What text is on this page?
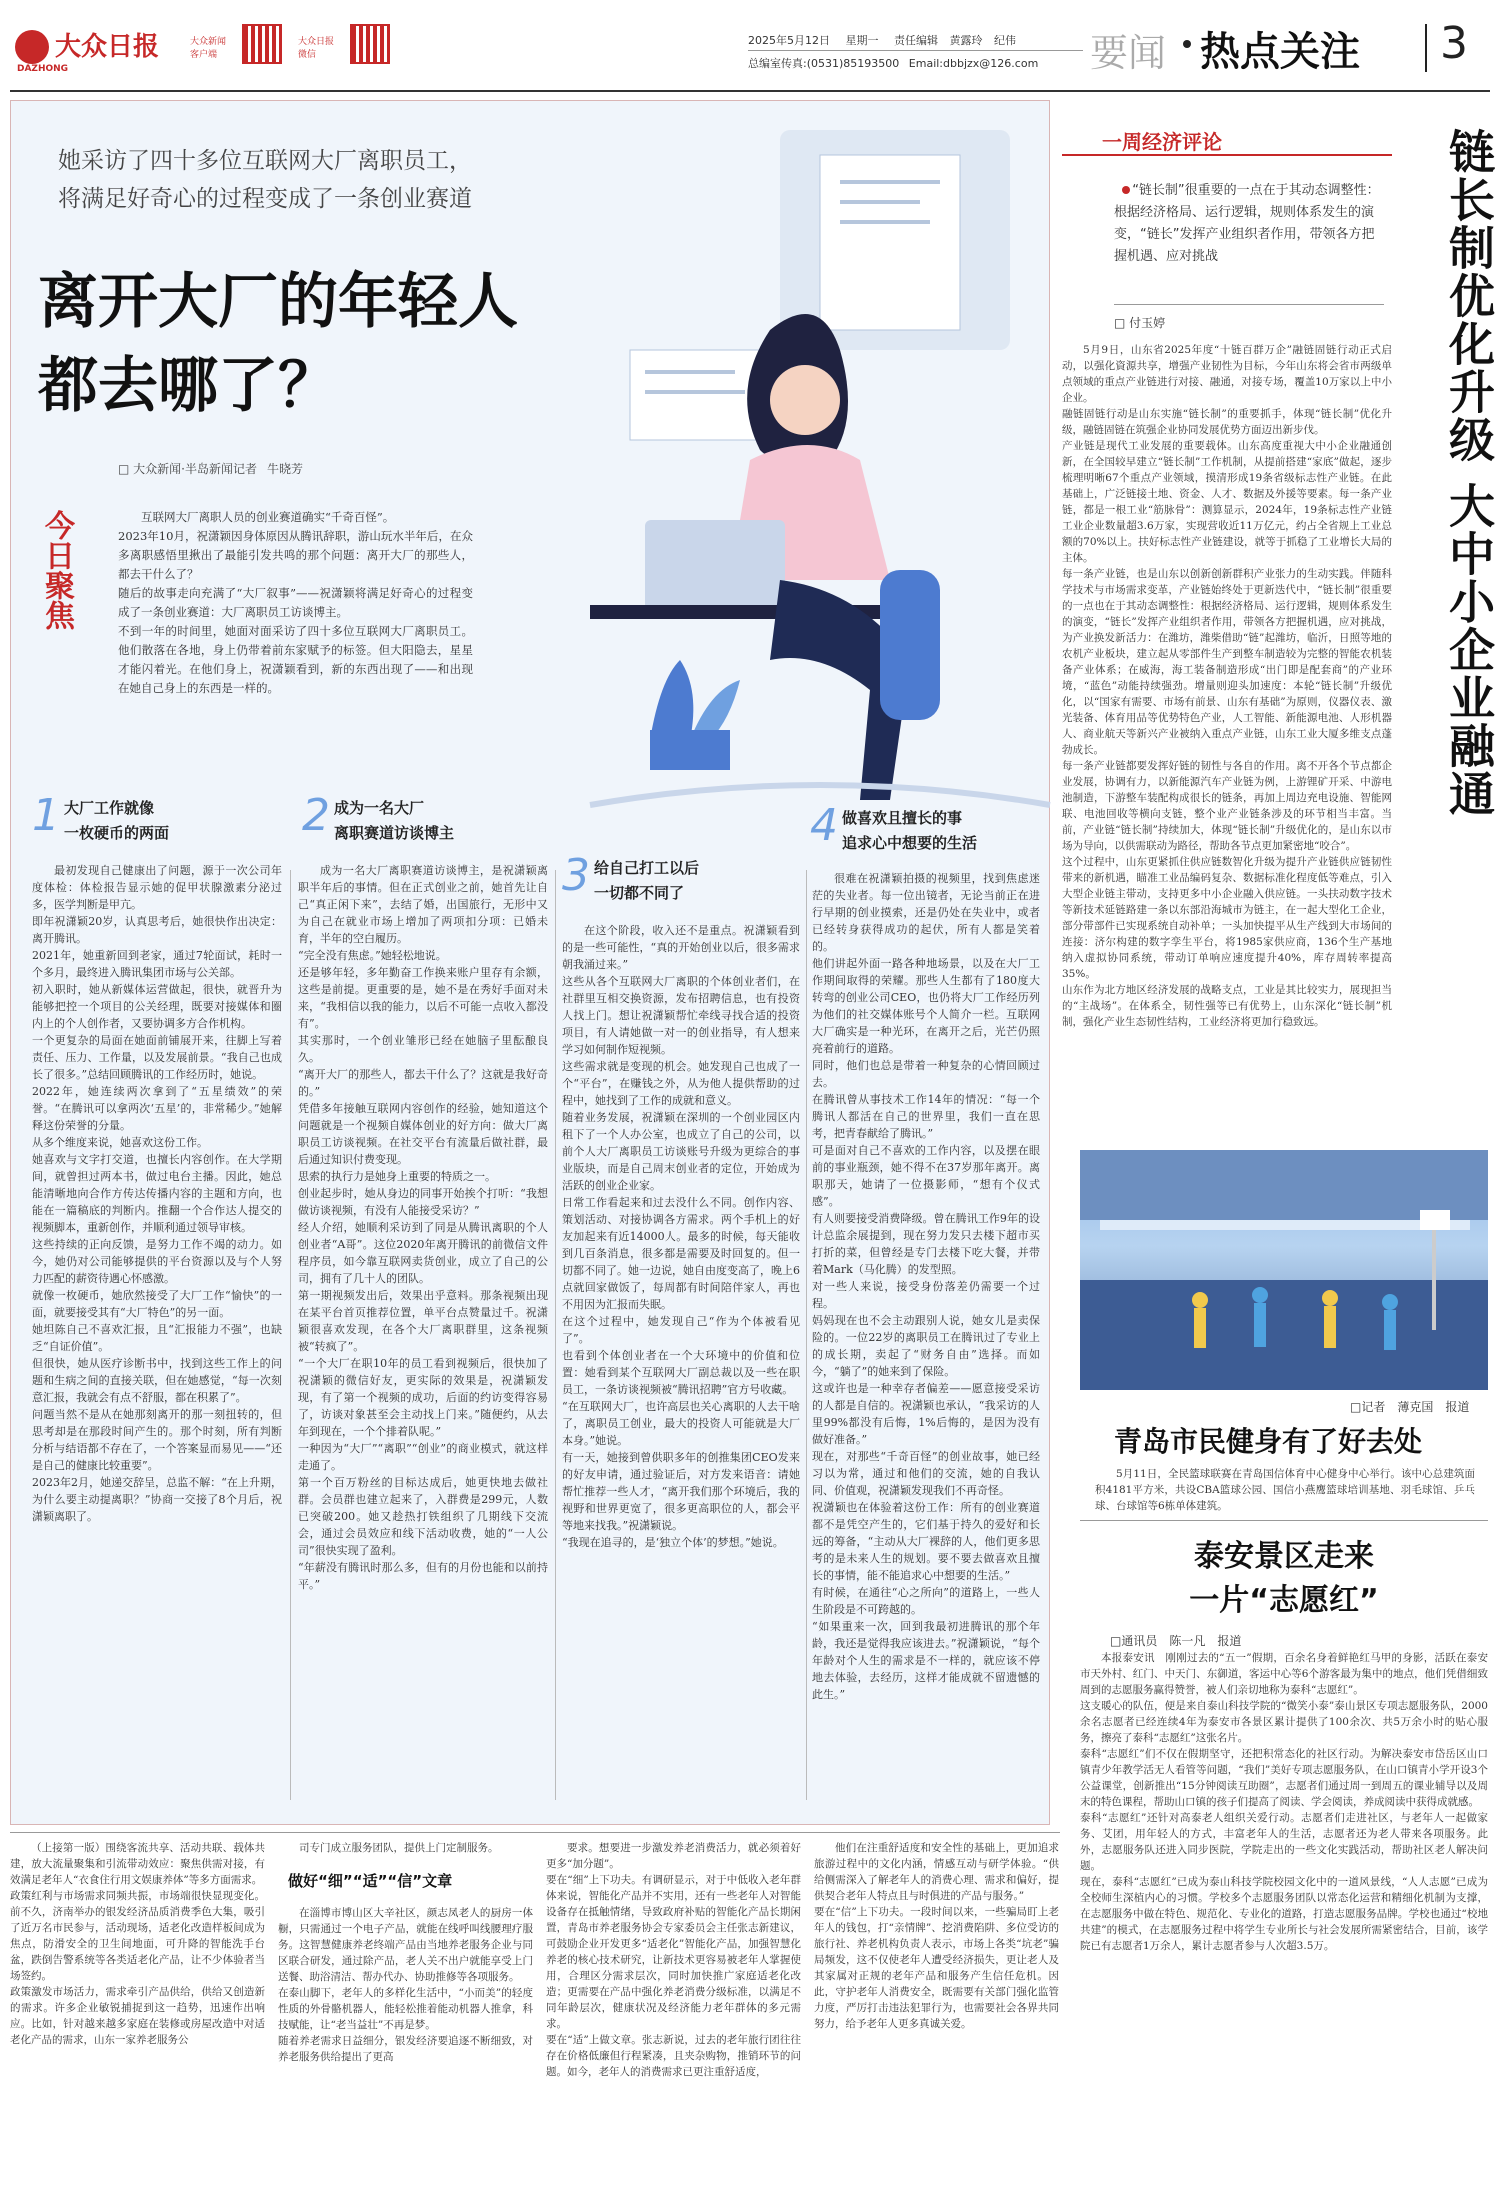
大众日报
DAZHONG
大众新闻
客户端
大众日报
微信
2025年5月12日 星期一 责任编辑 黄露玲 纪伟
总编室传真:(0531)85193500 Email:dbbjzx@126.com 要闻 热点关注 3
她采访了四十多位互联网大厂离职员工，
将满足好奇心的过程变成了一条创业赛道
离开大厂的年轻人
都去哪了？
□ 大众新闻·半岛新闻记者 牛晓芳
今日聚焦	互联网大厂离职人员的创业赛道确实“千奇百怪”。
2023年10月，祝潇颖因身体原因从腾讯辞职，游山玩水半年后，在众多离职感悟里揪出了最能引发共鸣的那个问题：离开大厂的那些人，都去干什么了？
随后的故事走向充满了“大厂叙事”——祝潇颖将满足好奇心的过程变成了一条创业赛道：大厂离职员工访谈博主。
不到一年的时间里，她面对面采访了四十多位互联网大厂离职员工。他们散落在各地，身上仍带着前东家赋予的标签。但大阳隐去，星星才能闪着光。在他们身上，祝潇颖看到，新的东西出现了——和出现在她自己身上的东西是一样的。
1 大厂工作就像
一枚硬币的两面	2 成为一名大厂
离职赛道访谈博主
3 给自己打工以后
一切都不同了
4 做喜欢且擅长的事
追求心中想要的生活
最初发现自己健康出了问题，源于一次公司年度体检：体检报告显示她的促甲状腺激素分泌过多，医学判断是甲亢。
即年祝潇颖20岁，认真思考后，她很快作出决定：离开腾讯。
2021年，她重新回到老家，通过7轮面试，耗时一个多月，最终进入腾讯集团市场与公关部。
初入职时，她从新媒体运营做起，很快，就晋升为能够把控一个项目的公关经理，既要对接媒体和圈内上的个人创作者，又要协调多方合作机构。
一个更复杂的局面在她面前铺展开来，往脚上写着责任、压力、工作量，以及发展前景。“我自己也成长了很多。”总结回顾腾讯的工作经历时，她说。
2022年，她连续两次拿到了“五星绩效”的荣誉。“在腾讯可以拿两次‘五星’的，非常稀少。”她解释这份荣誉的分量。
从多个维度来说，她喜欢这份工作。
她喜欢与文字打交道，也擅长内容创作。在大学期间，就曾担过两本书，做过电台主播。因此，她总能清晰地向合作方传达传播内容的主题和方向，也能在一篇稿底的判断内。推翻一个合作达人提交的视频脚本，重新创作，并顺利通过领导审核。
这些持续的正向反馈，是努力工作不竭的动力。如今，她仍对公司能够提供的平台资源以及与个人努力匹配的薪资待遇心怀感激。
就像一枚硬币，她欣然接受了大厂工作“愉快”的一面，就要接受其有“大厂特色”的另一面。
她坦陈自己不喜欢汇报，且“汇报能力不强”，也缺乏“自证价值”。
但很快，她从医疗诊断书中，找到这些工作上的问题和生病之间的直接关联，但在她感觉，“每一次刻意汇报，我就会有点不舒服，都在积累了”。
问题当然不是从在她那刻离开的那一刻扭转的，但思考却是在那段时间产生的。那个时刻，所有判断分析与结语都不存在了，一个答案显而易见——“还是自己的健康比较重要”。
2023年2月，她递交辞呈，总监不解：“在上升期，为什么要主动提离职？”协商一交接了8个月后，祝潇颖离职了。
成为一名大厂离职赛道访谈博主，是祝潇颖离职半年后的事情。但在正式创业之前，她首先让自己“真正闲下来”，去结了婚，出国旅行，无形中又为自己在就业市场上增加了两项扣分项：已婚未育，半年的空白履历。
“完全没有焦虑。”她轻松地说。
还是够年轻，多年勤奋工作换来账户里存有余额，这些是前提。更重要的是，她不是在秀好手面对未来，“我相信以我的能力，以后不可能一点收入都没有”。
其实那时，一个创业雏形已经在她脑子里酝酿良久。
“离开大厂的那些人，都去干什么了？这就是我好奇的。”
凭借多年接触互联网内容创作的经验，她知道这个问题就是一个视频自媒体创业的好方向：做大厂离职员工访谈视频。在社交平台有流量后做社群，最后通过知识付费变现。
思索的执行力是她身上重要的特质之一。
创业起步时，她从身边的同事开始挨个打听：“我想做访谈视频，有没有人能接受采访？”
经人介绍，她顺利采访到了同是从腾讯离职的个人创业者“A哥”。这位2020年离开腾讯的前微信文件程序员，如今靠互联网卖货创业，成立了自己的公司，拥有了几十人的团队。
第一期视频发出后，效果出乎意料。那条视频出现在某平台首页推荐位置，单平台点赞量过千。祝潇颖很喜欢发现，在各个大厂离职群里，这条视频被“转疯了”。
“一个大厂在职10年的员工看到视频后，很快加了祝潇颖的微信好友，更实际的效果是，祝潇颖发现，有了第一个视频的成功，后面的约访变得容易了，访谈对象甚至会主动找上门来。”随便约，从去年到现在，一个个排着队呢。”
一种因为“大厂”“离职”“创业”的商业模式，就这样走通了。
第一个百万粉丝的目标达成后，她更快地去做社群。会员群也建立起来了，入群费是299元，人数已突破200。她又趁热打铁组织了几期线下交流会，通过会员效应和线下活动收费，她的“一人公司”很快实现了盈利。
“年薪没有腾讯时那么多，但有的月份也能和以前持平。”
在这个阶段，收入还不是重点。祝潇颖看到的是一些可能性，“真的开始创业以后，很多需求朝我涌过来。”
这些从各个互联网大厂离职的个体创业者们，在社群里互相交换资源，发布招聘信息，也有投资人找上门。想让祝潇颖帮忙牵线寻找合适的投资项目，有人请她做一对一的创业指导，有人想来学习如何制作短视频。
这些需求就是变现的机会。她发现自己也成了一个“平台”，在赚钱之外，从为他人提供帮助的过程中，她找到了工作的成就和意义。
随着业务发展，祝潇颖在深圳的一个创业园区内租下了一个人办公室，也成立了自己的公司，以前个人大厂离职员工访谈账号升级为更综合的事业版块，而是自己周末创业者的定位，开始成为活跃的创业企业家。
日常工作看起来和过去没什么不同。创作内容、策划活动、对接协调各方需求。两个手机上的好友加起来有近14000人。最多的时候，每天能收到几百条消息，很多都是需要及时回复的。但一切都不同了。她一边说，她自由度变高了，晚上6点就回家做饭了，每周都有时间陪伴家人，再也不用因为汇报而失眠。
在这个过程中，她发现自己“作为个体被看见了”。
也看到个体创业者在一个大环境中的价值和位置：她看到某个互联网大厂副总裁以及一些在职员工，一条访谈视频被“腾讯招聘”官方号收藏。
“在互联网大厂，也许高层也关心离职的人去干啥了，离职员工创业，最大的投资人可能就是大厂本身。”她说。
有一天，她接到曾供职多年的创推集团CEO发来的好友申请，通过验证后，对方发来语音：请她帮忙推荐一些人才，“离开我们那个环境后，我的视野和世界更宽了，很多更高职位的人，都会平等地来找我。”祝潇颖说。
“我现在追寻的，是‘独立个体’的梦想。”她说。
很难在祝潇颖拍摄的视频里，找到焦虑迷茫的失业者。每一位出镜者，无论当前正在进行早期的创业摸索，还是仍处在失业中，或者已经转身获得成功的起伏，所有人都是笑着的。
他们讲起外面一路各种地场景，以及在大厂工作期间取得的荣耀。那些人生都有了180度大转弯的创业公司CEO，也仍将大厂工作经历列为他们的社交媒体账号个人简介一栏。互联网大厂确实是一种光环，在离开之后，光芒仍照亮着前行的道路。
同时，他们也总是带着一种复杂的心情回顾过去。
在腾讯曾从事技术工作14年的情况：“每一个腾讯人都活在自己的世界里，我们一直在思考，把青春献给了腾讯。”
可是面对自己不喜欢的工作内容，以及摆在眼前的事业瓶颈，她不得不在37岁那年离开。离职那天，她请了一位摄影师，“想有个仪式感”。
有人则要接受消费降级。曾在腾讯工作9年的设计总监余展提到，现在努力发只去楼下超市买打折的菜，但曾经是专门去楼下吃大餐，并带着Mark（马化腾）的发型照。
对一些人来说，接受身份落差仍需要一个过程。
妈妈现在也不会主动跟别人说，她女儿是卖保险的。一位22岁的离职员工在腾讯过了专业上的成长期，卖起了“财务自由”选择。而如今，“躺了”的她来到了保险。
这或许也是一种幸存者偏差——愿意接受采访的人都是自信的。祝潇颖也承认，“我采访的人里99%都没有后悔，1%后悔的，是因为没有做好准备。”
现在，对那些“千奇百怪”的创业故事，她已经习以为常，通过和他们的交流，她的自我认同、价值观，祝潇颖发现我们不再奇怪。
祝潇颖也在体验着这份工作：所有的创业赛道都不是凭空产生的，它们基于持久的爱好和长远的筹备，“主动从大厂裸辞的人，他们更多思考的是未来人生的规划。要不要去做喜欢且擅长的事情，能不能追求心中想要的生活。”
有时候，在通往“心之所向”的道路上，一些人生阶段是不可跨越的。
“如果重来一次，回到我最初进腾讯的那个年龄，我还是觉得我应该进去。”祝潇颖说，“每个年龄对个人生的需求是不一样的，就应该不停地去体验，去经历，这样才能成就不留遗憾的此生。”
一周经济评论	链长制优化升级 大中小企业融通
“链长制”很重要的一点在于其动态调整性：根据经济格局、运行逻辑，规则体系发生的演变，“链长”发挥产业组织者作用，带领各方把握机遇、应对挑战
□ 付玉婷
5月9日，山东省2025年度“十链百群万企”融链固链行动正式启动，以强化資源共享，增强产业韧性为目标，今年山东将会省市两级单点领域的重点产业链进行对接、融通，对接专场，覆盖10万家以上中小企业。
融链固链行动是山东实施“链长制”的重要抓手，体现“链长制”优化升级，融链固链在筑强企业协同发展优势方面迈出新步伐。
产业链是现代工业发展的重要载体。山东高度重视大中小企业融通创新，在全国较早建立“链长制”工作机制，从提前搭建“家底”做起，逐步梳理明晰67个重点产业领域，摸清形成19条省级标志性产业链。在此基础上，广泛链接土地、资金、人才、数据及外援等要素。每一条产业链，都是一根工业“筋脉骨”：测算显示，2024年，19条标志性产业链工业企业数量超3.6万家，实现营收近11万亿元，约占全省规上工业总额的70%以上。扶好标志性产业链建设，就等于抓稳了工业增长大局的主体。
每一条产业链，也是山东以创新创新群积产业张力的生动实践。伴随科学技术与市场需求变革，产业链始终处于更新迭代中，“链长制”很重要的一点也在于其动态调整性：根据经济格局、运行逻辑，规则体系发生的演变，“链长”发挥产业组织者作用，带领各方把握机遇，应对挑战，为产业换发新活力：在潍坊，潍柴借助“链”起潍坊，临沂，日照等地的农机产业板块，建立起从零部件生产到整车制造较为完整的智能农机装备产业体系；在威海，海工装备制造形成“出门即是配套商”的产业环境，“蓝色”动能持续强劲。增量则迎头加速度：本轮“链长制”升级优化，以“国家有需要、市场有前景、山东有基础”为原则，仪器仪表、激光装备、体育用品等优势特色产业，人工智能、新能源电池、人形机器人、商业航天等新兴产业被纳入重点产业链，山东工业大厦多维支点蓬勃成长。
每一条产业链都要发挥好链的韧性与各自的作用。离不开各个节点都企业发展，协调有力，以新能源汽车产业链为例，上游锂矿开采、中游电池制造，下游整车装配构成很长的链条，再加上周边充电设施、智能网联、电池回收等横向支链，整个业产业链条涉及的环节相当丰富。当前，产业链“链长制”持续加大，体现“链长制”升级优化的，是山东以市场为导向，以供需联动为路径，帮助各节点更加紧密地“咬合”。
这个过程中，山东更紧抓住供应链数智化升级为提升产业链供应链韧性带来的新机遇，瞄准工业品编码复杂、数据标准化程度低等难点，引入大型企业链主带动，支持更多中小企业融入供应链。一头扶动数字技术等新技术延链路建一条以东部沿海城市为链主，在一起大型化工企业，部分带部件已实现系统自动补单；一头加快提平从生产线到大市场间的连接：济尔构建的数字孪生平台，将1985家供应商，136个生产基地纳入虚拟协同系统，带动订单响应速度提升40%，库存周转率提高35%。
山东作为北方地区经济发展的战略支点，工业是其比较实力，展现担当的“主战场”。在体系全，韧性强等已有优势上，山东深化“链长制”机制，强化产业生态韧性结构，工业经济将更加行稳致远。
□记者　薄克国　报道
青岛市民健身有了好去处
5月11日，全民篮球联赛在青岛国信体育中心健身中心举行。该中心总建筑面积4181平方米，共设CBA篮球公园、国信小燕鹰篮球培训基地、羽毛球馆、乒乓球、台球馆等6栋单体建筑。
泰安景区走来
一片“志愿红”
□通讯员　陈一凡　报道
本报泰安讯　刚刚过去的“五一”假期，百余名身着鲜艳红马甲的身影，活跃在泰安市天外村、红门、中天门、东御道，客运中心等6个游客最为集中的地点，他们凭借细致周到的志愿服务赢得赞誉，被人们亲切地称为泰科“志愿红”。
这支暖心的队伍，便是来自泰山科技学院的“微笑小泰”泰山景区专项志愿服务队，2000余名志愿者已经连续4年为泰安市各景区累计提供了100余次、共5万余小时的贴心服务，擦亮了泰科“志愿红”这张名片。
泰科“志愿红”们不仅在假期坚守，还把积常态化的社区行动。为解决泰安市岱岳区山口镇青少年教学活无人看管等问题，“我们”美好专项志愿服务队，在山口镇青小学开设3个公益课堂，创新推出“15分钟阅读互助圈”，志愿者们通过周一到周五的课业辅导以及周末的特色课程，帮助山口镇的孩子们提高了阅读、学会阅读，养成阅读中获得成就感。
泰科“志愿红”还针对高泰老人组织关爱行动。志愿者们走进社区，与老年人一起做家务、艾团，用年轻人的方式，丰富老年人的生活，志愿者还为老人带来各项服务。此外，志愿服务队还进入同步医院，学院走出的一些文化实践活动，帮助社区老人解决问题。
现在，泰科“志愿红”已成为泰山科技学院校园文化中的一道风景线，“人人志愿”已成为全校师生深植内心的习惯。学校多个志愿服务团队以常态化运营和精细化机制为支撑，在志愿服务中做在特色、规范化、专业化的道路，打造志愿服务品牌。学校也通过“校地共建”的模式，在志愿服务过程中将学生专业所长与社会发展所需紧密结合，目前，该学院已有志愿者1万余人，累计志愿者参与人次超3.5万。
（上接第一版）围绕客流共享、活动共联、载体共建，放大流量聚集和引流带动效应：聚焦供需对接，有效满足老年人“衣食住行用文娱康养体”等多方面需求。
政策红利与市场需求同频共振，市场端很快显现变化。前不久，济南举办的银发经济品质消费季色大集，吸引了近万名市民参与，活动现场，适老化改造样板间成为焦点，防滑安全的卫生间地面，可升降的智能洗手台盆，跌倒告警系统等各类适老化产品，让不少体验者当场签约。
政策激发市场活力，需求牵引产品供给，供给又创造新的需求。许多企业敏锐捕捉到这一趋势，迅速作出响应。比如，针对越来越多家庭在装修或房屋改造中对适老化产品的需求，山东一家养老服务公
司专门成立服务团队，提供上门定制服务。
做好“细”“适”“信”文章
在淄博市博山区大辛社区，颜志凤老人的厨房一体橱，只需通过一个电子产品，就能在线呼叫线腰理疗服务。这智慧健康养老终端产品由当地养老服务企业与同区联合研发，通过除产品，老人关不出户就能享受上门送餐、助浴清洁、帮办代办、协助推修等各项服务。
在泰山脚下，老年人的多样化生活中，“小而美”的轻度性质的外骨骼机器人，能轻松推着能动机器人推拿，科技赋能，让“老当益壮”不再是梦。
随着养老需求日益细分，银发经济要追逐不断细致，对养老服务供给提出了更高
要求。想要进一步激发养老消费活力，就必须着好更多“加分题”。
要在“细”上下功夫。有调研显示，对于中低收入老年群体来说，智能化产品并不实用，还有一些老年人对智能设备存在抵触情绪，导致政府补贴的智能化产品长期闲置，青岛市养老服务协会专家委员会主任张志新建议，可鼓励企业开发更多“适老化”智能化产品，加强智慧化养老的核心技术研究，让新技术更容易被老年人掌握使用，合理区分需求层次，同时加快推广家庭适老化改造；更需要在产品中强化养老消费分级标准，以满足不同年龄层次，健康状况及经济能力老年群体的多元需求。
要在“适”上做文章。张志新说，过去的老年旅行团往往存在价格低廉但行程紧凑，且夹杂购物，推销环节的问题。如今，老年人的消费需求已更注重舒适度，
他们在注重舒适度和安全性的基础上，更加追求旅游过程中的文化内涵，情感互动与研学体验。“供给侧需深入了解老年人的消费心理、需求和偏好，提供契合老年人特点且与时俱进的产品与服务。”
要在“信”上下功夫。一段时间以来，一些骗局盯上老年人的钱包，打“亲情牌”、挖消费陷阱、多位受访的旅行社、养老机构负责人表示，市场上各类“坑老”骗局频发，这不仅使老年人遭受经济损失，更让老人及其家属对正规的老年产品和服务产生信任危机。因此，守护老年人消费安全，既需要有关部门强化监管力度，严厉打击违法犯罪行为，也需要社会各界共同努力，给予老年人更多真诚关爱。
